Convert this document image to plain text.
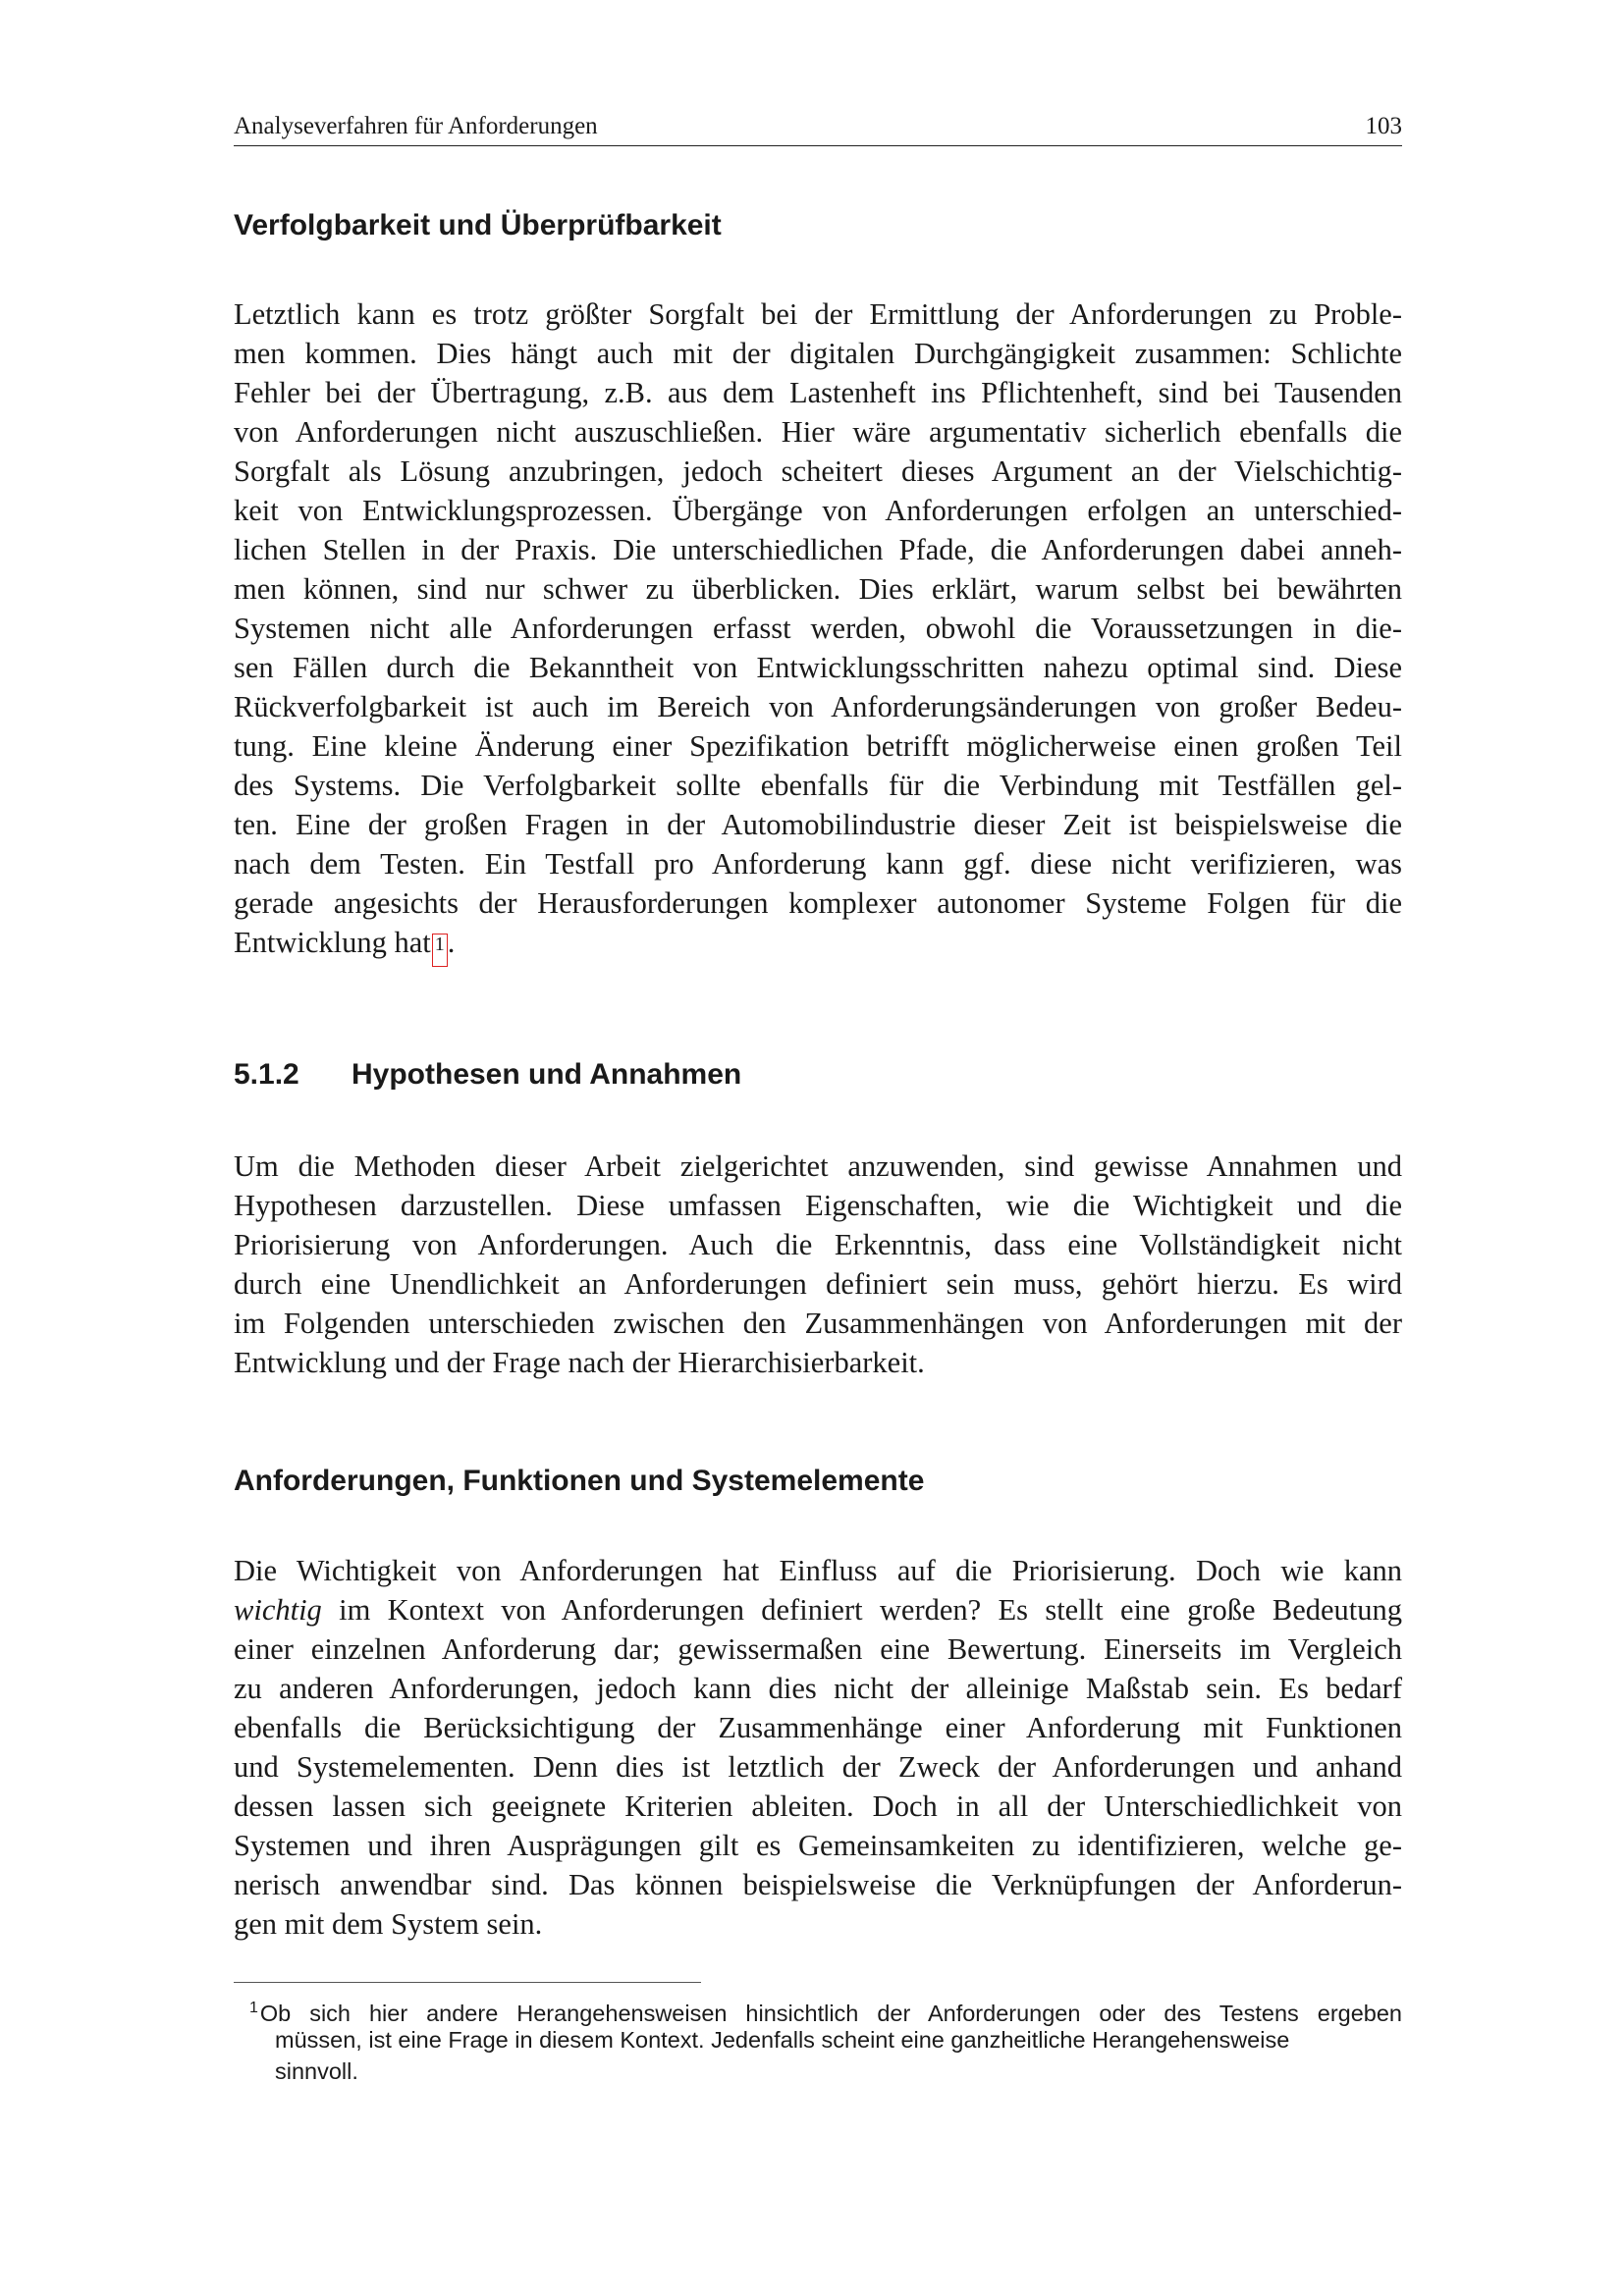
Analyseverfahren für Anforderungen	103
Verfolgbarkeit und Überprüfbarkeit
Letztlich kann es trotz größter Sorgfalt bei der Ermittlung der Anforderungen zu Proble-
men kommen. Dies hängt auch mit der digitalen Durchgängigkeit zusammen: Schlichte
Fehler bei der Übertragung, z.B. aus dem Lastenheft ins Pflichtenheft, sind bei Tausenden
von Anforderungen nicht auszuschließen. Hier wäre argumentativ sicherlich ebenfalls die
Sorgfalt als Lösung anzubringen, jedoch scheitert dieses Argument an der Vielschichtig-
keit von Entwicklungsprozessen. Übergänge von Anforderungen erfolgen an unterschied-
lichen Stellen in der Praxis. Die unterschiedlichen Pfade, die Anforderungen dabei anneh-
men können, sind nur schwer zu überblicken. Dies erklärt, warum selbst bei bewährten
Systemen nicht alle Anforderungen erfasst werden, obwohl die Voraussetzungen in die-
sen Fällen durch die Bekanntheit von Entwicklungsschritten nahezu optimal sind. Diese
Rückverfolgbarkeit ist auch im Bereich von Anforderungsänderungen von großer Bedeu-
tung. Eine kleine Änderung einer Spezifikation betrifft möglicherweise einen großen Teil
des Systems. Die Verfolgbarkeit sollte ebenfalls für die Verbindung mit Testfällen gel-
ten. Eine der großen Fragen in der Automobilindustrie dieser Zeit ist beispielsweise die
nach dem Testen. Ein Testfall pro Anforderung kann ggf. diese nicht verifizieren, was
gerade angesichts der Herausforderungen komplexer autonomer Systeme Folgen für die
Entwicklung hat 1.
5.1.2 Hypothesen und Annahmen
Um die Methoden dieser Arbeit zielgerichtet anzuwenden, sind gewisse Annahmen und
Hypothesen darzustellen. Diese umfassen Eigenschaften, wie die Wichtigkeit und die
Priorisierung von Anforderungen. Auch die Erkenntnis, dass eine Vollständigkeit nicht
durch eine Unendlichkeit an Anforderungen definiert sein muss, gehört hierzu. Es wird
im Folgenden unterschieden zwischen den Zusammenhängen von Anforderungen mit der
Entwicklung und der Frage nach der Hierarchisierbarkeit.
Anforderungen, Funktionen und Systemelemente
Die Wichtigkeit von Anforderungen hat Einfluss auf die Priorisierung. Doch wie kann
wichtig im Kontext von Anforderungen definiert werden? Es stellt eine große Bedeutung
einer einzelnen Anforderung dar; gewissermaßen eine Bewertung. Einerseits im Vergleich
zu anderen Anforderungen, jedoch kann dies nicht der alleinige Maßstab sein. Es bedarf
ebenfalls die Berücksichtigung der Zusammenhänge einer Anforderung mit Funktionen
und Systemelementen. Denn dies ist letztlich der Zweck der Anforderungen und anhand
dessen lassen sich geeignete Kriterien ableiten. Doch in all der Unterschiedlichkeit von
Systemen und ihren Ausprägungen gilt es Gemeinsamkeiten zu identifizieren, welche ge-
nerisch anwendbar sind. Das können beispielsweise die Verknüpfungen der Anforderun-
gen mit dem System sein.
$^1$Ob sich hier andere Herangehensweisen hinsichtlich der Anforderungen oder des Testens ergeben
müssen, ist eine Frage in diesem Kontext. Jedenfalls scheint eine ganzheitliche Herangehensweise
sinnvoll.
